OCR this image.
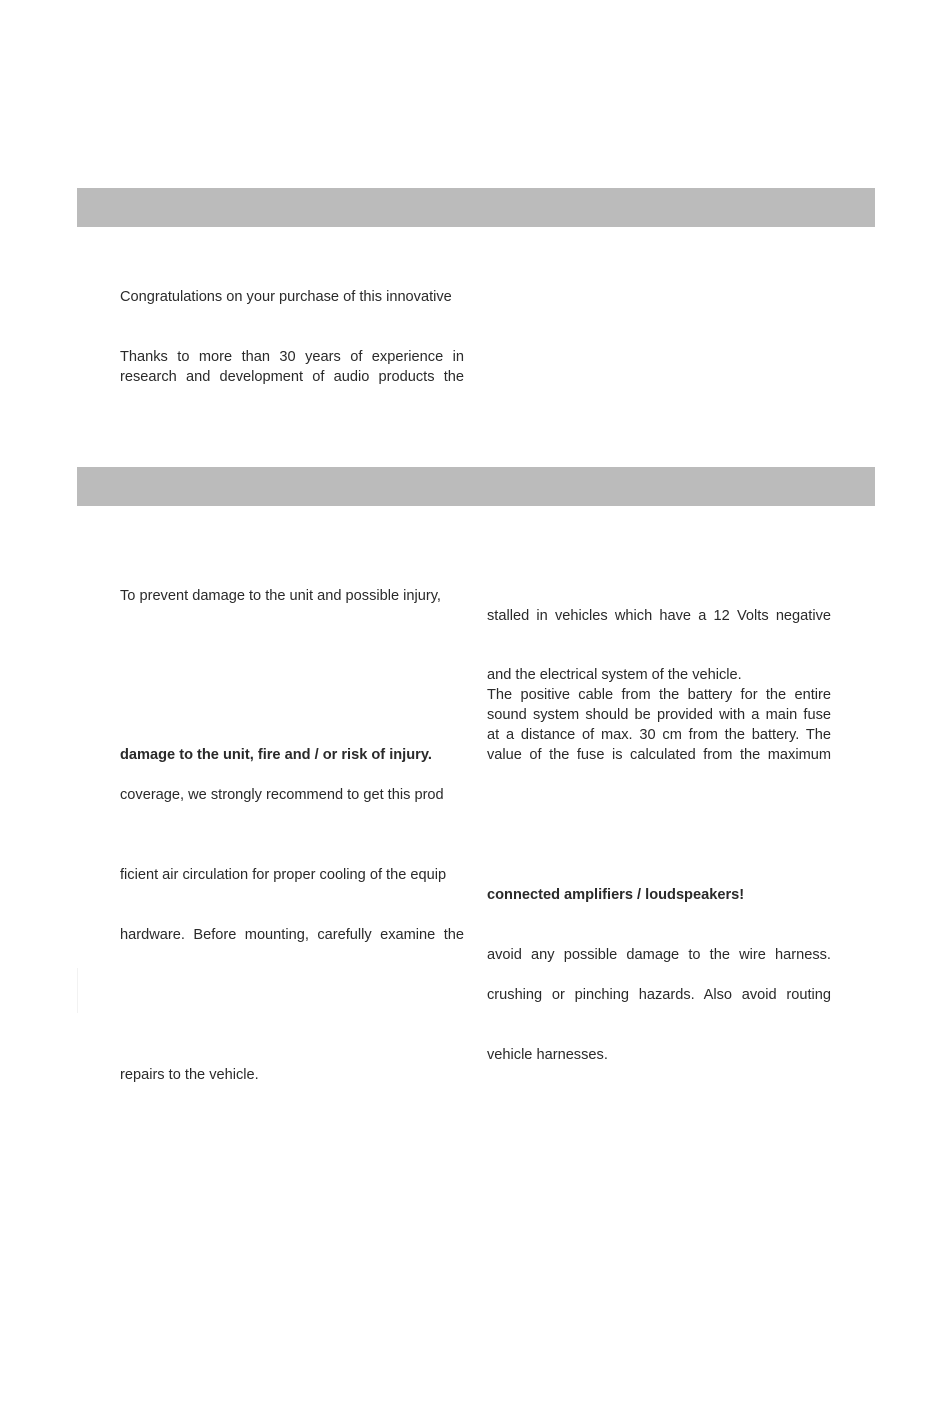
Congratulations on your purchase of this innovative
Thanks to more than 30 years of experience in
research and development of audio products the
To prevent damage to the unit and possible injury,
damage to the unit, fire and / or risk of injury.
coverage, we strongly recommend to get this prod
ficient air circulation for proper cooling of the equip
hardware. Before mounting, carefully examine the
repairs to the vehicle.
stalled in vehicles which have a 12 Volts negative
and the electrical system of the vehicle.
The positive cable from the battery for the entire
sound system should be provided with a main fuse
at a distance of max. 30 cm from the battery. The
value of the fuse is calculated from the maximum
connected amplifiers / loudspeakers!
avoid any possible damage to the wire harness.
crushing or pinching hazards. Also avoid routing
vehicle harnesses.
